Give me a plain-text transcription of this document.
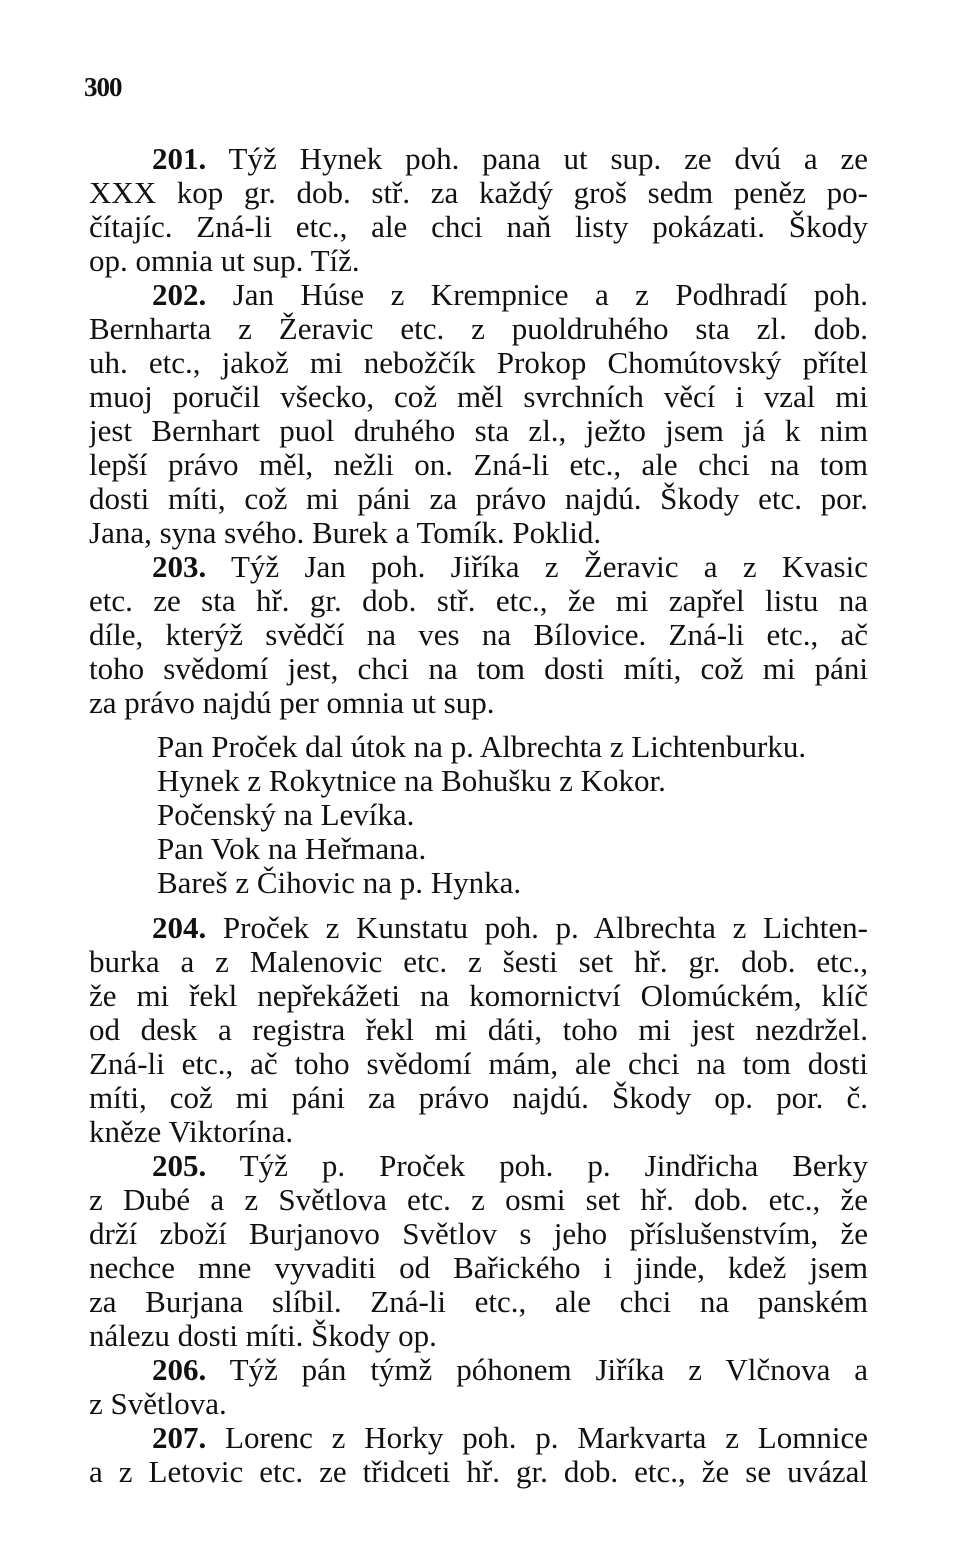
300
201. Týž Hynek poh. pana ut sup. ze dvú a ze
XXX kop gr. dob. stř. za každý groš sedm peněz po-
čítajíc. Zná-li etc., ale chci naň listy pokázati. Škody
op. omnia ut sup. Tíž.
202. Jan Húse z Krempnice a z Podhradí poh.
Bernharta z Žeravic etc. z puoldruhého sta zl. dob.
uh. etc., jakož mi nebožčík Prokop Chomútovský přítel
muoj poručil všecko, což měl svrchních věcí i vzal mi
jest Bernhart puol druhého sta zl., ježto jsem já k nim
lepší právo měl, nežli on. Zná-li etc., ale chci na tom
dosti míti, což mi páni za právo najdú. Škody etc. por.
Jana, syna svého. Burek a Tomík. Poklid.
203. Týž Jan poh. Jiříka z Žeravic a z Kvasic
etc. ze sta hř. gr. dob. stř. etc., že mi zapřel listu na
díle, kterýž svědčí na ves na Bílovice. Zná-li etc., ač
toho svědomí jest, chci na tom dosti míti, což mi páni
za právo najdú per omnia ut sup.
Pan Proček dal útok na p. Albrechta z Lichtenburku.
Hynek z Rokytnice na Bohušku z Kokor.
Počenský na Levíka.
Pan Vok na Heřmana.
Bareš z Čihovic na p. Hynka.
204. Proček z Kunstatu poh. p. Albrechta z Lichten-
burka a z Malenovic etc. z šesti set hř. gr. dob. etc.,
že mi řekl nepřekážeti na komornictví Olomúckém, klíč
od desk a registra řekl mi dáti, toho mi jest nezdržel.
Zná-li etc., ač toho svědomí mám, ale chci na tom dosti
míti, což mi páni za právo najdú. Škody op. por. č.
kněze Viktorína.
205. Týž p. Proček poh. p. Jindřicha Berky
z Dubé a z Světlova etc. z osmi set hř. dob. etc., že
drží zboží Burjanovo Světlov s jeho příslušenstvím, že
nechce mne vyvaditi od Bařického i jinde, kdež jsem
za Burjana slíbil. Zná-li etc., ale chci na panském
nálezu dosti míti. Škody op.
206. Týž pán týmž póhonem Jiříka z Vlčnova a
z Světlova.
207. Lorenc z Horky poh. p. Markvarta z Lomnice
a z Letovic etc. ze třidceti hř. gr. dob. etc., že se uvázal
